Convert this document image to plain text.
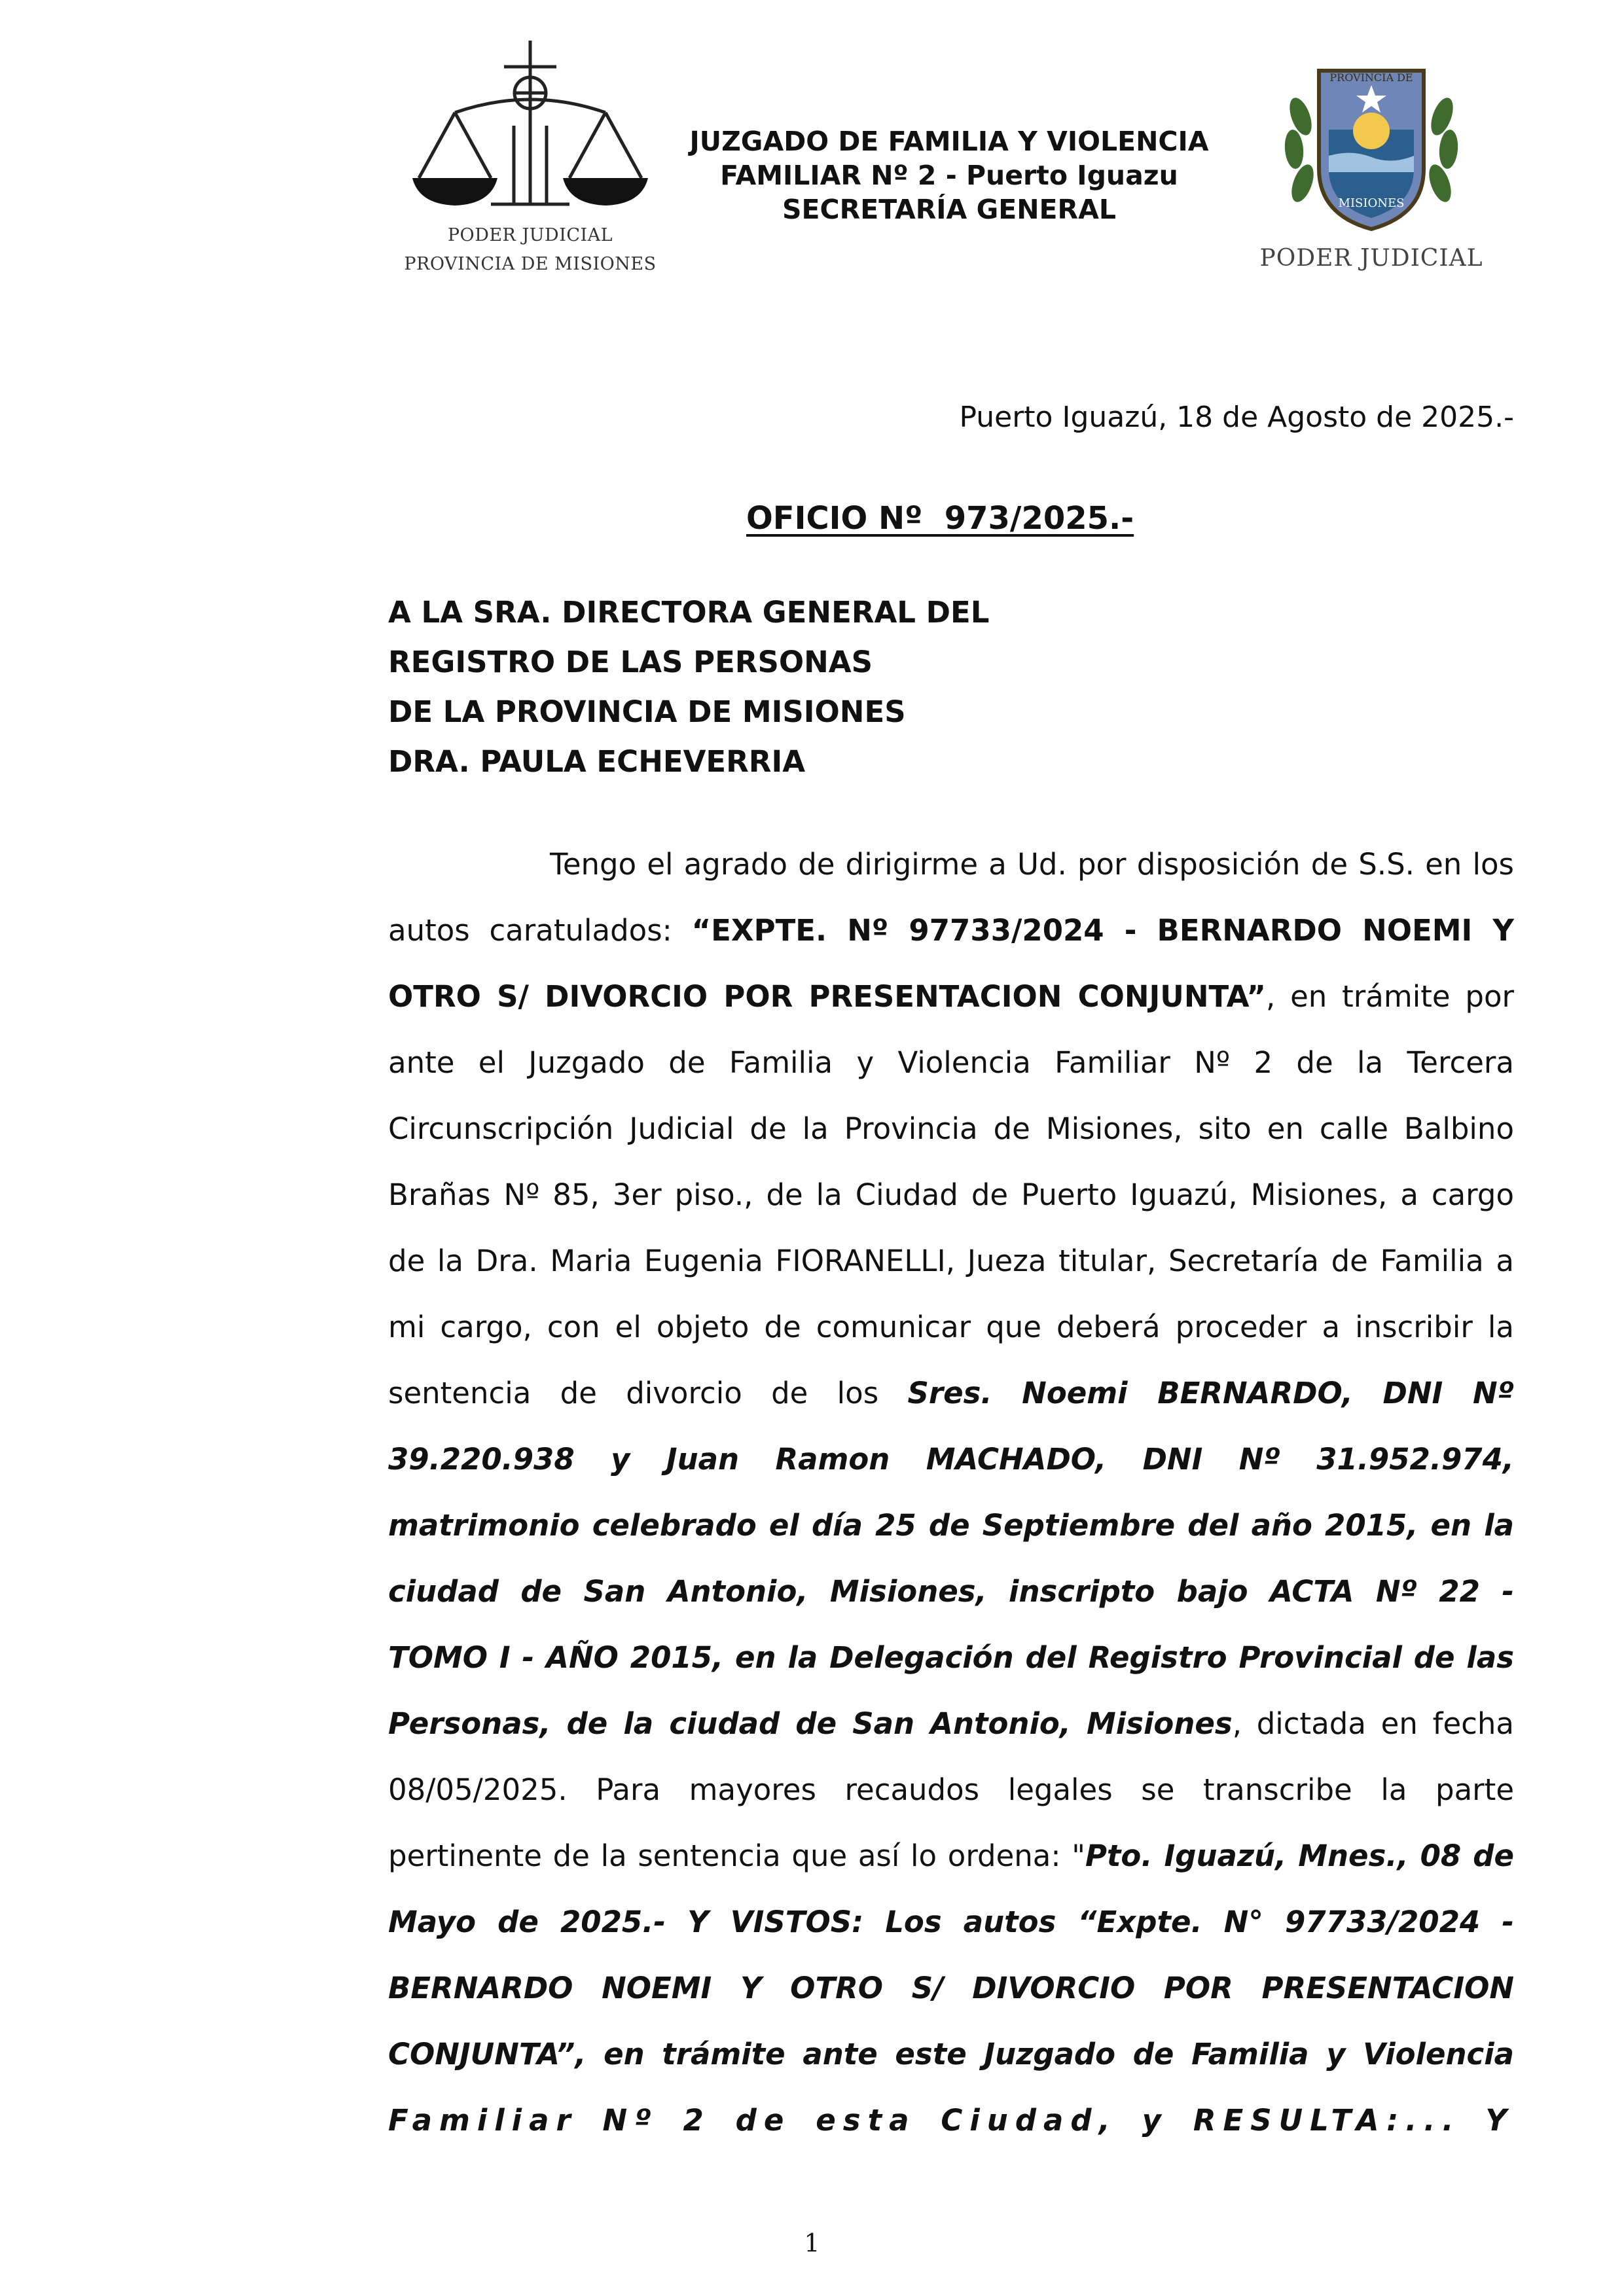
PODER JUDICIAL
PROVINCIA DE MISIONES
JUZGADO DE FAMILIA Y VIOLENCIA
FAMILIAR Nº 2 - Puerto Iguazu
SECRETARÍA GENERAL
PROVINCIA DE
MISIONES
PODER JUDICIAL
Puerto Iguazú, 18 de Agosto de 2025.-
OFICIO Nº  973/2025.-
A LA SRA. DIRECTORA GENERAL DEL
REGISTRO DE LAS PERSONAS
DE LA PROVINCIA DE MISIONES
DRA. PAULA ECHEVERRIA
Tengo el agrado de dirigirme a Ud. por disposición de S.S. en los
autos caratulados: “EXPTE. Nº 97733/2024 - BERNARDO NOEMI Y
OTRO S/ DIVORCIO POR PRESENTACION CONJUNTA”, en trámite por
ante el Juzgado de Familia y Violencia Familiar Nº 2 de la Tercera
Circunscripción Judicial de la Provincia de Misiones, sito en calle Balbino
Brañas Nº 85, 3er piso., de la Ciudad de Puerto Iguazú, Misiones, a cargo
de la Dra. Maria Eugenia FIORANELLI, Jueza titular, Secretaría de Familia a
mi cargo, con el objeto de comunicar que deberá proceder a inscribir la
sentencia de divorcio de los Sres. Noemi BERNARDO, DNI Nº
39.220.938 y Juan Ramon MACHADO, DNI Nº 31.952.974,
matrimonio celebrado el día 25 de Septiembre del año 2015, en la
ciudad de San Antonio, Misiones, inscripto bajo ACTA Nº 22 -
TOMO I - AÑO 2015, en la Delegación del Registro Provincial de las
Personas, de la ciudad de San Antonio, Misiones, dictada en fecha
08/05/2025. Para mayores recaudos legales se transcribe la parte
pertinente de la sentencia que así lo ordena: "Pto. Iguazú, Mnes., 08 de
Mayo de 2025.- Y VISTOS: Los autos “Expte. N° 97733/2024 -
BERNARDO NOEMI Y OTRO S/ DIVORCIO POR PRESENTACION
CONJUNTA”, en trámite ante este Juzgado de Familia y Violencia
Familiar Nº 2 de esta Ciudad, y RESULTA:... Y
1
